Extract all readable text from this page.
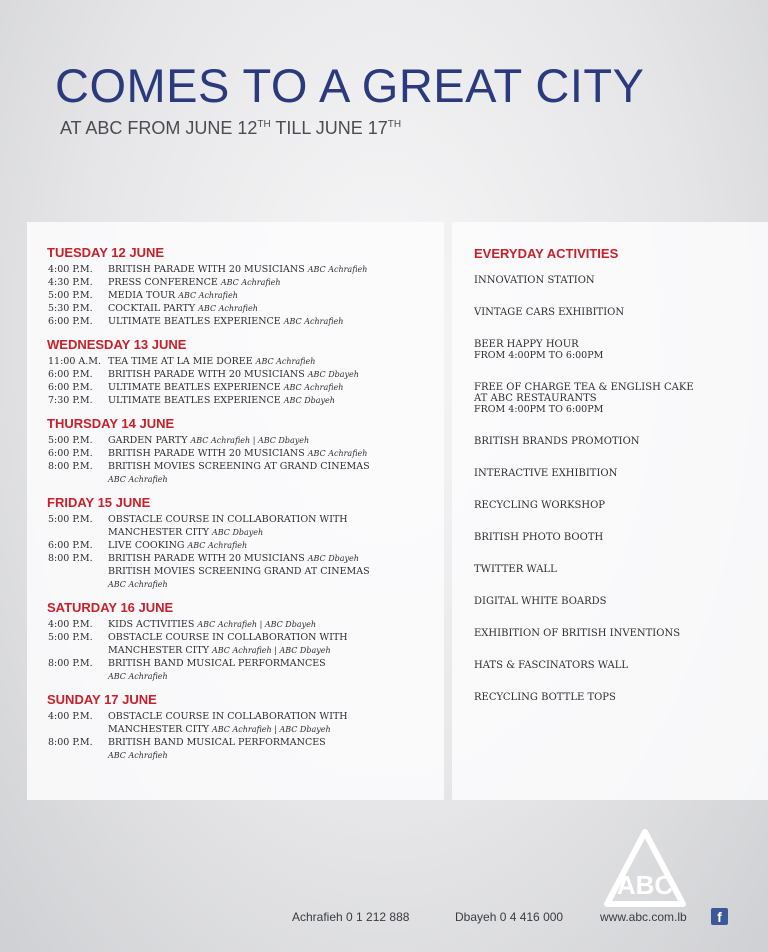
COMES TO A GREAT CITY
AT ABC FROM JUNE 12TH TILL JUNE 17TH
TUESDAY 12 JUNE
4:00 P.M.	BRITISH PARADE WITH 20 MUSICIANS ABC Achrafieh
4:30 P.M.	PRESS CONFERENCE ABC Achrafieh
5:00 P.M.	MEDIA TOUR ABC Achrafieh
5:30 P.M.	COCKTAIL PARTY ABC Achrafieh
6:00 P.M.	ULTIMATE BEATLES EXPERIENCE ABC Achrafieh
WEDNESDAY 13 JUNE
11:00 A.M. TEA TIME AT LA MIE DOREE ABC Achrafieh
6:00 P.M.	BRITISH PARADE WITH 20 MUSICIANS ABC Dbayeh
6:00 P.M.	ULTIMATE BEATLES EXPERIENCE ABC Achrafieh
7:30 P.M.	ULTIMATE BEATLES EXPERIENCE ABC Dbayeh
THURSDAY 14 JUNE
5:00 P.M.	GARDEN PARTY ABC Achrafieh | ABC Dbayeh
6:00 P.M.	BRITISH PARADE WITH 20 MUSICIANS ABC Achrafieh
8:00 P.M.	BRITISH MOVIES SCREENING AT GRAND CINEMAS
ABC Achrafieh
FRIDAY 15 JUNE
5:00 P.M.	OBSTACLE COURSE IN COLLABORATION WITH
MANCHESTER CITY ABC Dbayeh
6:00 P.M.	LIVE COOKING ABC Achrafieh
8:00 P.M.	BRITISH PARADE WITH 20 MUSICIANS ABC Dbayeh
BRITISH MOVIES SCREENING GRAND AT CINEMAS
ABC Achrafieh
SATURDAY 16 JUNE
4:00 P.M.	KIDS ACTIVITIES ABC Achrafieh | ABC Dbayeh
5:00 P.M.	OBSTACLE COURSE IN COLLABORATION WITH
MANCHESTER CITY ABC Achrafieh | ABC Dbayeh
8:00 P.M.	BRITISH BAND MUSICAL PERFORMANCES
ABC Achrafieh
SUNDAY 17 JUNE
4:00 P.M.	OBSTACLE COURSE IN COLLABORATION WITH
MANCHESTER CITY ABC Achrafieh | ABC Dbayeh
8:00 P.M.	BRITISH BAND MUSICAL PERFORMANCES
ABC Achrafieh
EVERYDAY ACTIVITIES
INNOVATION STATION
VINTAGE CARS EXHIBITION
BEER HAPPY HOUR
FROM 4:00PM TO 6:00PM
FREE OF CHARGE TEA & ENGLISH CAKE
AT ABC RESTAURANTS
FROM 4:00PM TO 6:00PM
BRITISH BRANDS PROMOTION
INTERACTIVE EXHIBITION
RECYCLING WORKSHOP
BRITISH PHOTO BOOTH
TWITTER WALL
DIGITAL WHITE BOARDS
EXHIBITION OF BRITISH INVENTIONS
HATS & FASCINATORS WALL
RECYCLING BOTTLE TOPS
ABC
Achrafieh 0 1 212 888	Dbayeh 0 4 416 000	www.abc.com.lb	f
